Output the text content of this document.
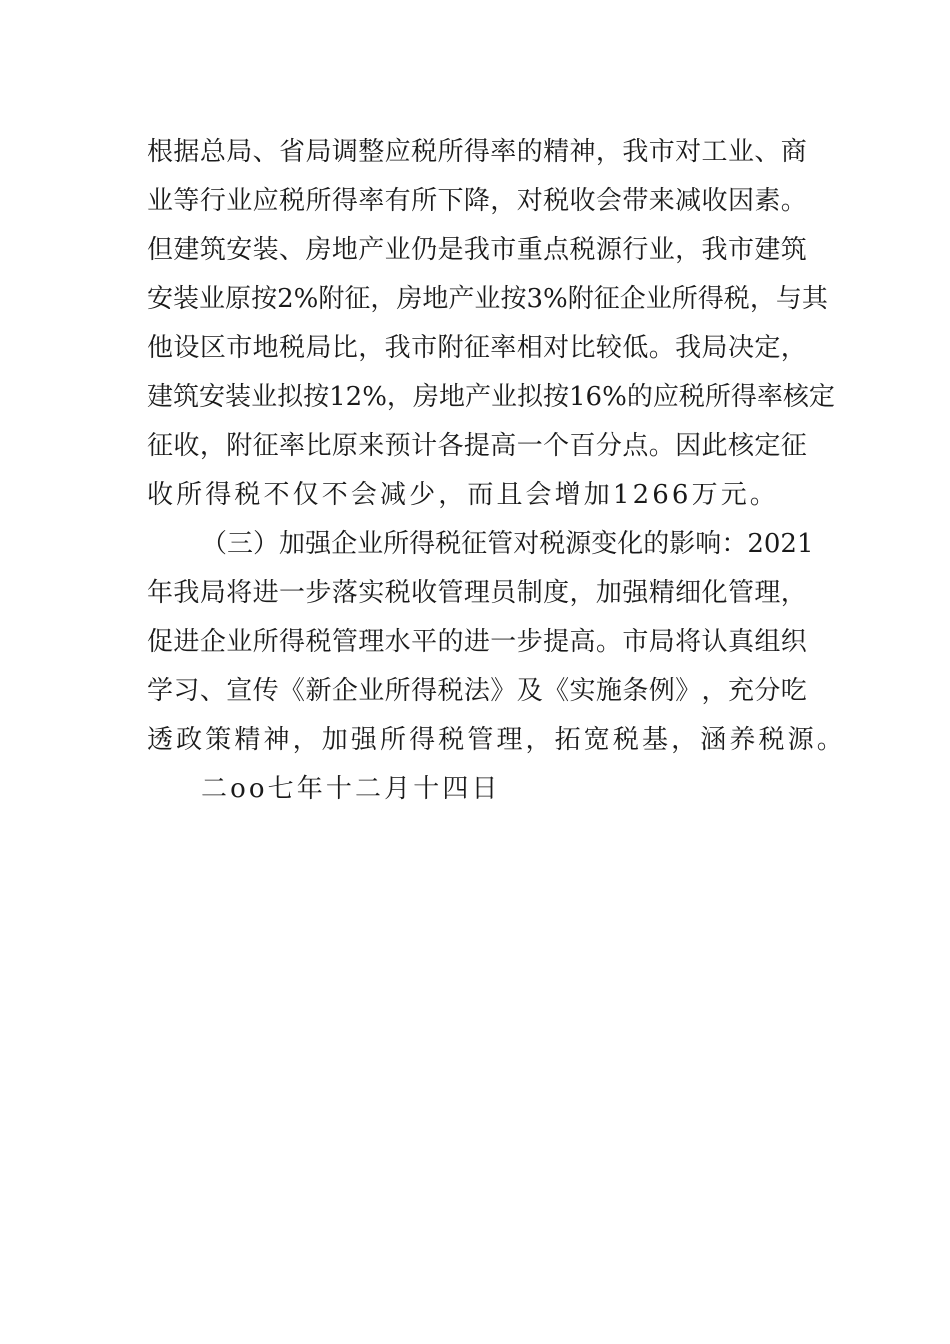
根 据 总 局 、 省 局 调 整 应 税 所 得 率 的 精 神 ， 我 市 对 工 业 、 商
业 等 行 业 应 税 所 得 率 有 所 下 降 ， 对 税 收 会 带 来 减 收 因 素 。
但 建 筑 安 装 、 房 地 产 业 仍 是 我 市 重 点 税 源 行 业 ， 我 市 建 筑
安 装 业 原 按 2% 附 征 ， 房 地 产 业 按 3% 附 征 企 业 所 得 税 ， 与 其
他 设 区 市 地 税 局 比 ， 我 市 附 征 率 相 对 比 较 低 。 我 局 决 定 ，
建 筑 安 装 业 拟 按 12% ， 房 地 产 业 拟 按 16% 的 应 税 所 得 率 核 定
征 收 ， 附 征 率 比 原 来 预 计 各 提 高 一 个 百 分 点 。 因 此 核 定 征
收所得税不仅不会减少，而且会增加1266万元。
（ 三 ） 加 强 企 业 所 得 税 征 管 对 税 源 变 化 的 影 响 ： 2021
年 我 局 将 进 一 步 落 实 税 收 管 理 员 制 度 ， 加 强 精 细 化 管 理 ，
促 进 企 业 所 得 税 管 理 水 平 的 进 一 步 提 高 。 市 局 将 认 真 组 织
学 习 、 宣 传 《 新 企 业 所 得 税 法 》 及 《 实 施 条 例 》 ， 充 分 吃
透政策精神，加强所得税管理，拓宽税基，涵养税源。
二oo七年十二月十四日
